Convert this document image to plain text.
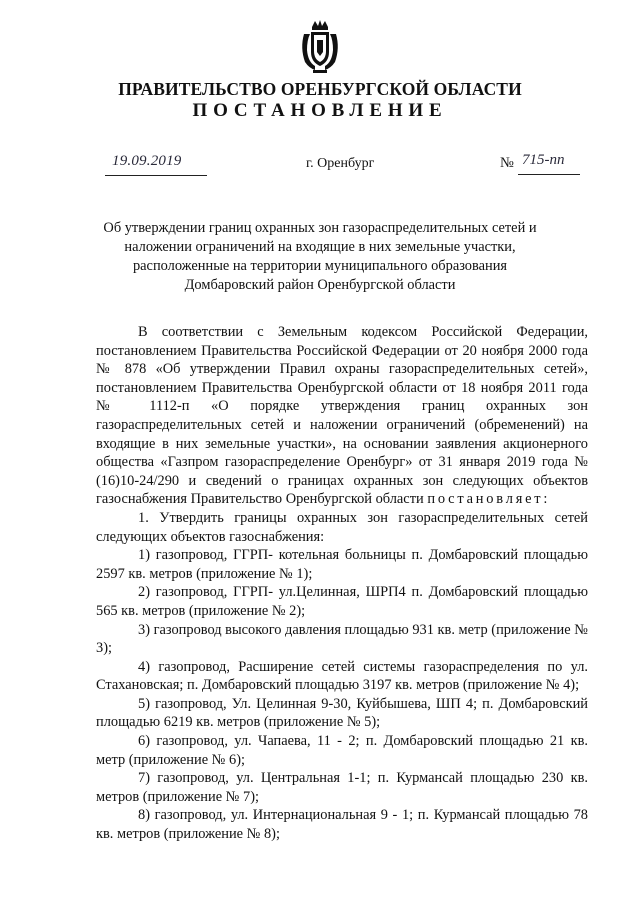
ПРАВИТЕЛЬСТВО ОРЕНБУРГСКОЙ ОБЛАСТИ
ПОСТАНОВЛЕНИЕ
19.09.2019	г. Оренбург	№ 715-пп
Об утверждении границ охранных зон газораспределительных сетей и
наложении ограничений на входящие в них земельные участки,
расположенные на территории муниципального образования
Домбаровский район Оренбургской области

В соответствии с Земельным кодексом Российской Федерации, постановлением Правительства Российской Федерации от 20 ноября 2000 года № 878 «Об утверждении Правил охраны газораспределительных сетей», постановлением Правительства Оренбургской области от 18 ноября 2011 года № 1112-п «О порядке утверждения границ охранных зон газораспределительных сетей и наложении ограничений (обременений) на входящие в них земельные участки», на основании заявления акционерного общества «Газпром газораспределение Оренбург» от 31 января 2019 года № (16)10-24/290 и сведений о границах охранных зон следующих объектов газоснабжения Правительство Оренбургской области постановляет:

1. Утвердить границы охранных зон газораспределительных сетей следующих объектов газоснабжения:

1) газопровод, ГГРП- котельная больницы п. Домбаровский площадью 2597 кв. метров (приложение № 1);

2) газопровод, ГГРП- ул.Целинная, ШРП4 п. Домбаровский площадью 565 кв. метров (приложение № 2);

3) газопровод высокого давления площадью 931 кв. метр (приложение № 3);

4) газопровод, Расширение сетей системы газораспределения по ул. Стахановская; п. Домбаровский площадью 3197 кв. метров (приложение № 4);

5) газопровод, Ул. Целинная 9-30, Куйбышева, ШП 4; п. Домбаровский площадью 6219 кв. метров (приложение № 5);

6) газопровод, ул. Чапаева, 11 - 2; п. Домбаровский площадью 21 кв. метр (приложение № 6);

7) газопровод, ул. Центральная 1-1; п. Курмансай площадью 230 кв. метров (приложение № 7);

8) газопровод, ул. Интернациональная 9 - 1; п. Курмансай площадью 78 кв. метров (приложение № 8);
